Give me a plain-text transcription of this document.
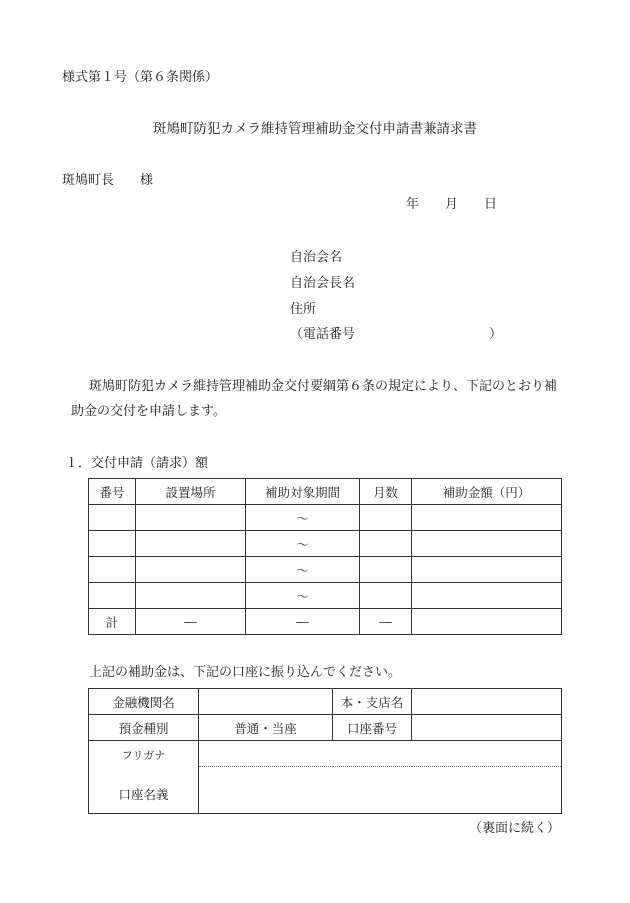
様式第１号（第６条関係）
斑鳩町防犯カメラ維持管理補助金交付申請書兼請求書
斑鳩町長　　様
年　　月　　日
自治会名
自治会長名
住所
（電話番号	）
斑鳩町防犯カメラ維持管理補助金交付要綱第６条の規定により、下記のとおり補
助金の交付を申請します。
１．交付申請（請求）額
番号	設置場所	補助対象期間	月数	補助金額（円）
		～		
		～		
		～		
		～		
計	―	―	―	
上記の補助金は、下記の口座に振り込んでください。
金融機関名		本・支店名	
預金種別	普通・当座	口座番号	

フリガナ
口座名義			

（裏面に続く）
